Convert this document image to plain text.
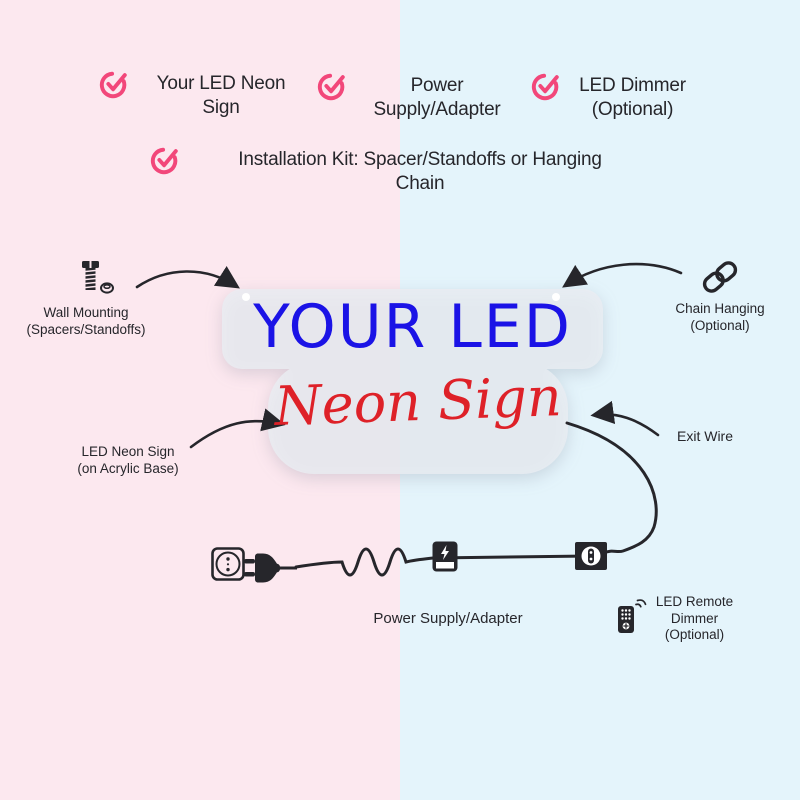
Your LED Neon
Sign
Power
Supply/Adapter
LED Dimmer
(Optional)
Installation Kit: Spacer/Standoffs or Hanging
Chain
YOUR LED
Neon Sign
Wall Mounting
(Spacers/Standoffs)
LED Neon Sign
(on Acrylic Base)
Chain Hanging
(Optional)
Exit Wire
Power Supply/Adapter
LED Remote
Dimmer
(Optional)
